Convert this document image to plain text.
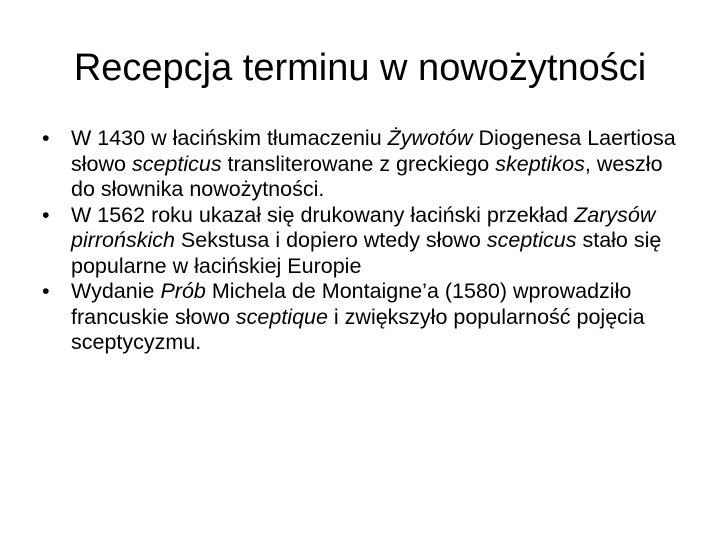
Recepcja terminu w nowożytności
• W 1430 w łacińskim tłumaczeniu Żywotów Diogenesa Laertiosa słowo scepticus transliterowane z greckiego skeptikos, weszło do słownika nowożytności.
• W 1562 roku ukazał się drukowany łaciński przekład Zarysów pirrońskich Sekstusa i dopiero wtedy słowo scepticus stało się popularne w łacińskiej Europie
• Wydanie Prób Michela de Montaigne’a (1580) wprowadziło francuskie słowo sceptique i zwiększyło popularność pojęcia sceptycyzmu.
